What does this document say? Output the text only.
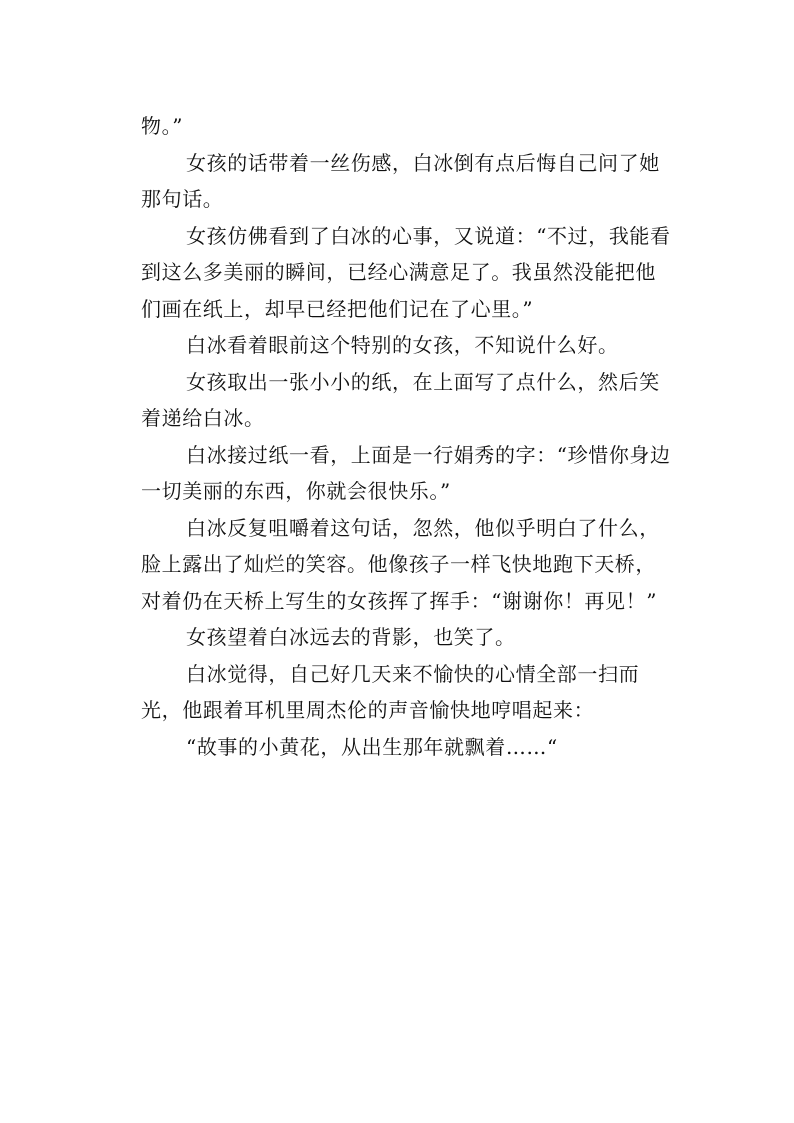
物。”

女孩的话带着一丝伤感，白冰倒有点后悔自己问了她那句话。

女孩仿佛看到了白冰的心事，又说道：“不过，我能看到这么多美丽的瞬间，已经心满意足了。我虽然没能把他们画在纸上，却早已经把他们记在了心里。”

白冰看着眼前这个特别的女孩，不知说什么好。

女孩取出一张小小的纸，在上面写了点什么，然后笑着递给白冰。

白冰接过纸一看，上面是一行娟秀的字：“珍惜你身边一切美丽的东西，你就会很快乐。”

白冰反复咀嚼着这句话，忽然，他似乎明白了什么，脸上露出了灿烂的笑容。他像孩子一样飞快地跑下天桥，对着仍在天桥上写生的女孩挥了挥手：“谢谢你！再见！”

女孩望着白冰远去的背影，也笑了。

白冰觉得，自己好几天来不愉快的心情全部一扫而光，他跟着耳机里周杰伦的声音愉快地哼唱起来：

“故事的小黄花，从出生那年就飘着……“
